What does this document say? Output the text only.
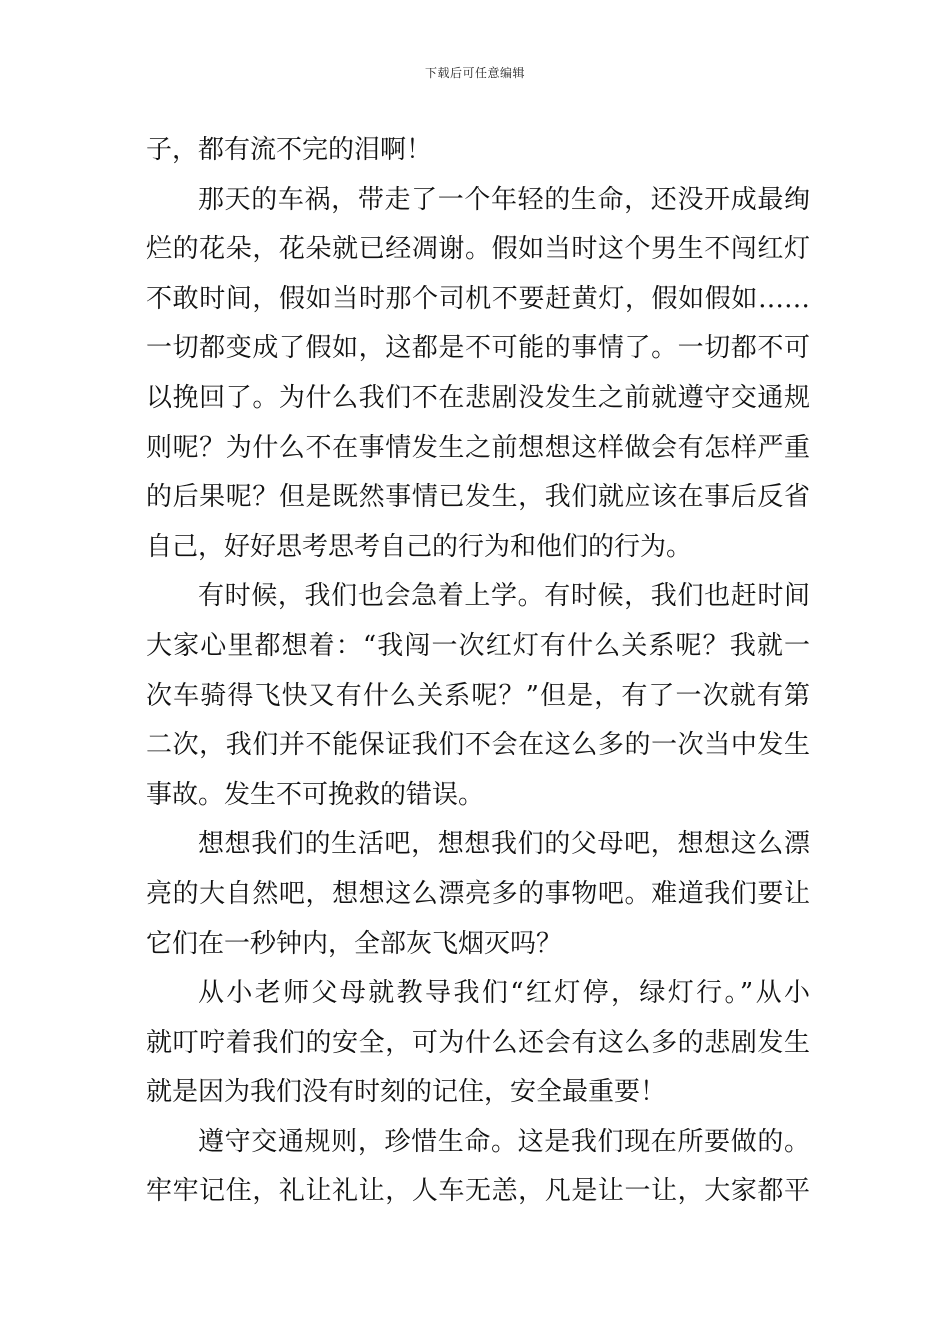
下载后可任意编辑

子，都有流不完的泪啊！

那天的车祸，带走了一个年轻的生命，还没开成最绚
烂的花朵，花朵就已经凋谢。假如当时这个男生不闯红灯
不敢时间，假如当时那个司机不要赶黄灯，假如假如……
一切都变成了假如，这都是不可能的事情了。一切都不可
以挽回了。为什么我们不在悲剧没发生之前就遵守交通规
则呢？为什么不在事情发生之前想想这样做会有怎样严重
的后果呢？但是既然事情已发生，我们就应该在事后反省
自己，好好思考思考自己的行为和他们的行为。

有时候，我们也会急着上学。有时候，我们也赶时间
大家心里都想着：“我闯一次红灯有什么关系呢？我就一
次车骑得飞快又有什么关系呢？”但是，有了一次就有第
二次，我们并不能保证我们不会在这么多的一次当中发生
事故。发生不可挽救的错误。

想想我们的生活吧，想想我们的父母吧，想想这么漂
亮的大自然吧，想想这么漂亮多的事物吧。难道我们要让
它们在一秒钟内，全部灰飞烟灭吗？

从小老师父母就教导我们“红灯停，绿灯行。”从小
就叮咛着我们的安全，可为什么还会有这么多的悲剧发生
就是因为我们没有时刻的记住，安全最重要！

遵守交通规则，珍惜生命。这是我们现在所要做的。
牢牢记住，礼让礼让，人车无恙，凡是让一让，大家都平
